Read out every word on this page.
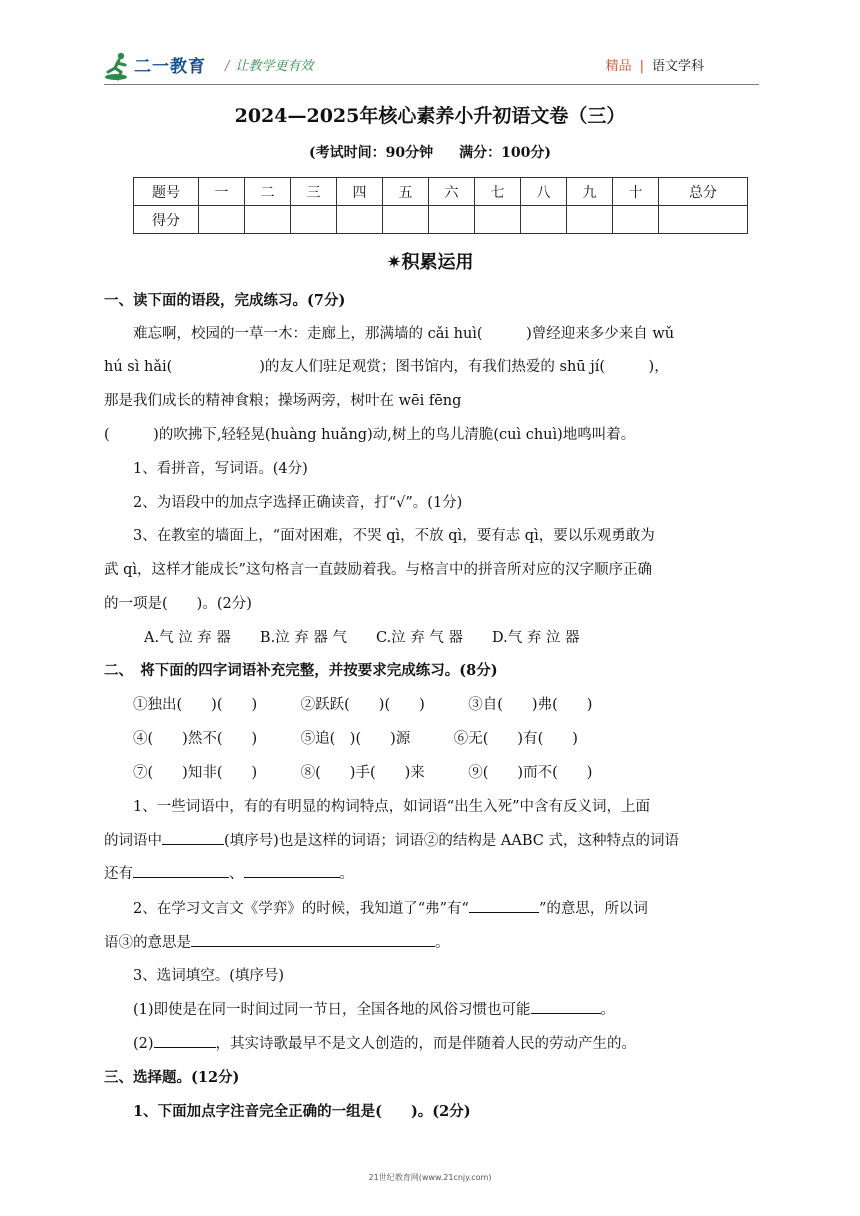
二一教育 / 让教学更有效	精品 | 语文学科
2024—2025年核心素养小升初语文卷（三）
(考试时间：90分钟 满分：100分)
题号	一	二	三	四	五	六	七	八	九	十	总分
得分											
✷积累运用
一、读下面的语段，完成练习。(7分)
难忘啊，校园的一草一木：走廊上，那满墙的 cǎi huì(　　　)曾经迎来多少来自 wǔ
hú sì hǎi(　　　　　　)的友人们驻足观赏；图书馆内，有我们热爱的 shū jí(　　　)，
那是我们成长的精神食粮；操场两旁，树叶在 wēi fēng
(　　　)的吹拂下,轻轻晃(huàng huǎng)动,树上的鸟儿清脆(cuì chuì)地鸣叫着。
1、看拼音，写词语。(4分)
2、为语段中的加点字选择正确读音，打“√”。(1分)
3、在教室的墙面上，“面对困难，不哭 qì，不放 qì，要有志 qì，要以乐观勇敢为
武 qì，这样才能成长”这句格言一直鼓励着我。与格言中的拼音所对应的汉字顺序正确
的一项是(　　)。(2分)
A.气 泣 弃 器　　B.泣 弃 器 气　　C.泣 弃 气 器　　D.气 弃 泣 器
二、　将下面的四字词语补充完整，并按要求完成练习。(8分)
①独出(　　)(　　)　　　②跃跃(　　)(　　)　　　③自(　　)弗(　　)
④(　　)然不(　　)　　　⑤追(　)(　　)源　　　⑥无(　　)有(　　)
⑦(　　)知非(　　)　　　⑧(　　)手(　　)来　　　⑨(　　)而不(　　)
1、一些词语中，有的有明显的构词特点，如词语“出生入死”中含有反义词，上面
的词语中	(填序号)也是这样的词语；词语②的结构是 AABC 式，这种特点的词语
还有	、	。
2、在学习文言文《学弈》的时候，我知道了“弗”有“	”的意思，所以词
语③的意思是	。
3、选词填空。(填序号)
(1)即使是在同一时间过同一节日，全国各地的风俗习惯也可能	。
(2)	，其实诗歌最早不是文人创造的，而是伴随着人民的劳动产生的。
三、选择题。(12分)
1、下面加点字注音完全正确的一组是(　　)。(2分)
21世纪教育网(www.21cnjy.com)
